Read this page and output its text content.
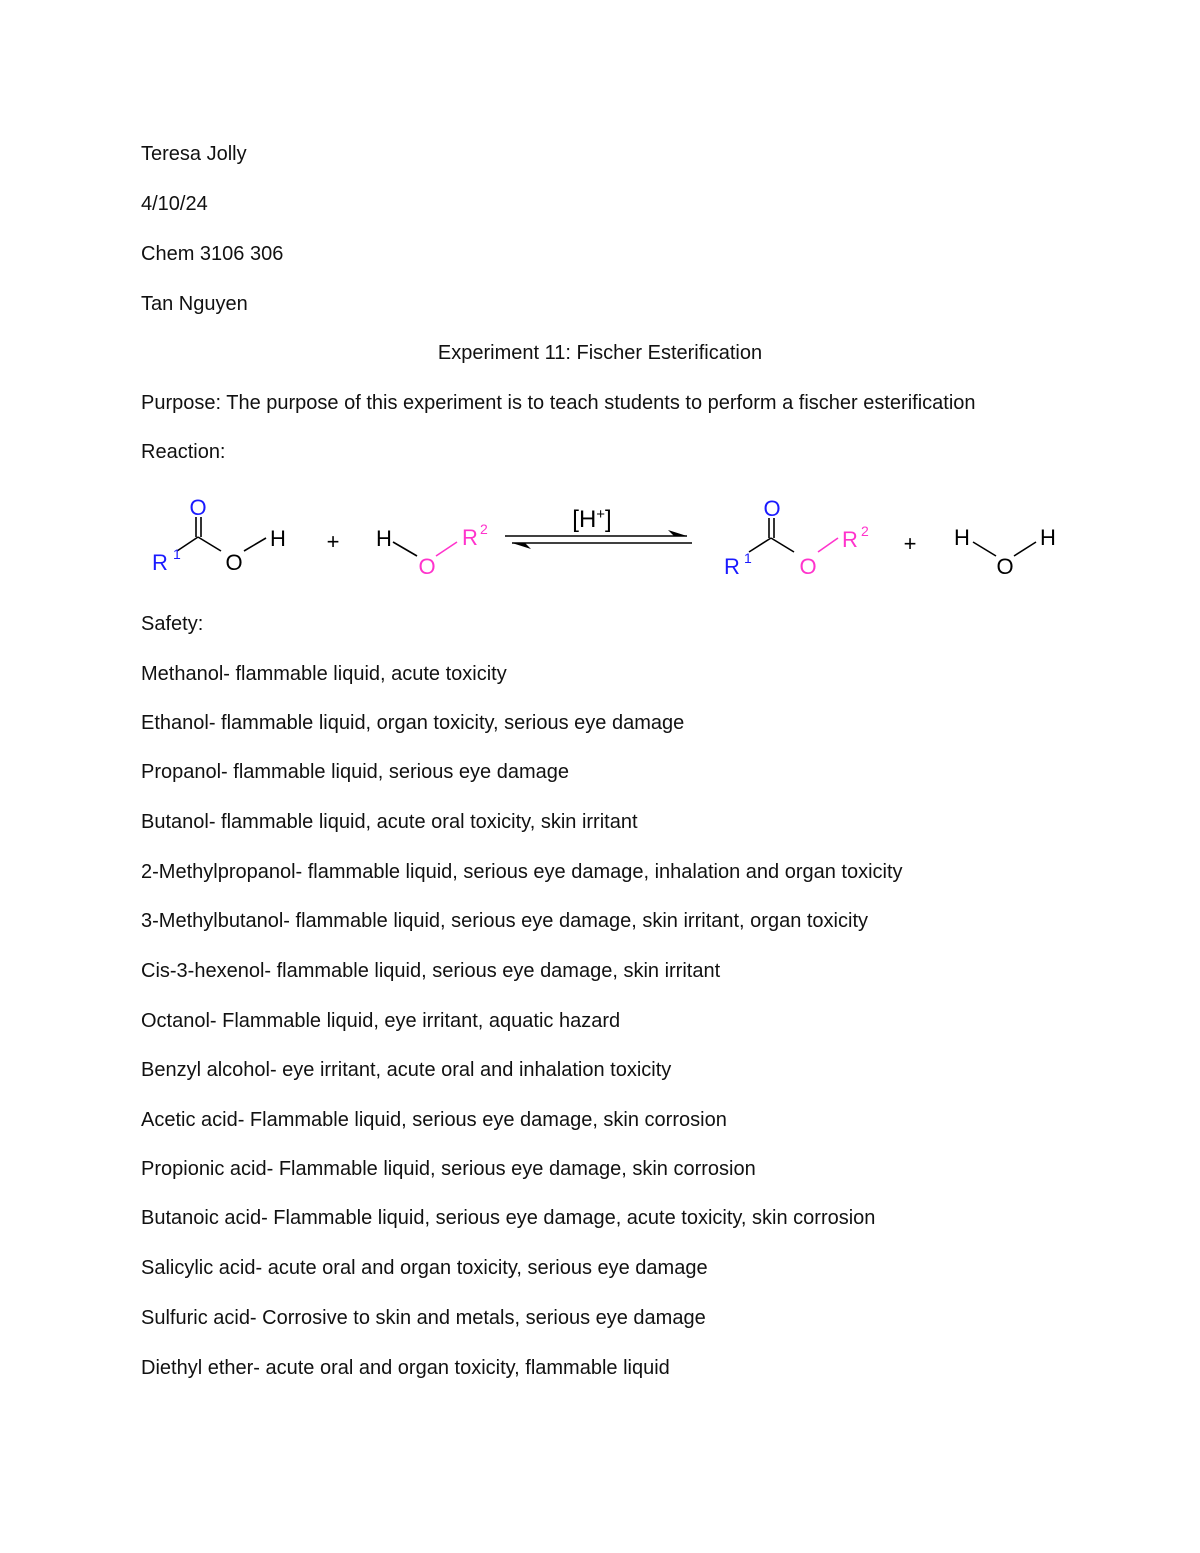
Teresa Jolly
4/10/24
Chem 3106 306
Tan Nguyen
Experiment 11: Fischer Esterification
Purpose: The purpose of this experiment is to teach students to perform a fischer esterification
Reaction:
O
O
H
R 1	+ H
O
R 2	[H+]	O
O
R 1
R 2 + H
O
H
Safety:
Methanol- flammable liquid, acute toxicity
Ethanol- flammable liquid, organ toxicity, serious eye damage
Propanol- flammable liquid, serious eye damage
Butanol- flammable liquid, acute oral toxicity, skin irritant
2-Methylpropanol- flammable liquid, serious eye damage, inhalation and organ toxicity
3-Methylbutanol- flammable liquid, serious eye damage, skin irritant, organ toxicity
Cis-3-hexenol- flammable liquid, serious eye damage, skin irritant
Octanol- Flammable liquid, eye irritant, aquatic hazard
Benzyl alcohol- eye irritant, acute oral and inhalation toxicity
Acetic acid- Flammable liquid, serious eye damage, skin corrosion
Propionic acid- Flammable liquid, serious eye damage, skin corrosion
Butanoic acid- Flammable liquid, serious eye damage, acute toxicity, skin corrosion
Salicylic acid- acute oral and organ toxicity, serious eye damage
Sulfuric acid- Corrosive to skin and metals, serious eye damage
Diethyl ether- acute oral and organ toxicity, flammable liquid
